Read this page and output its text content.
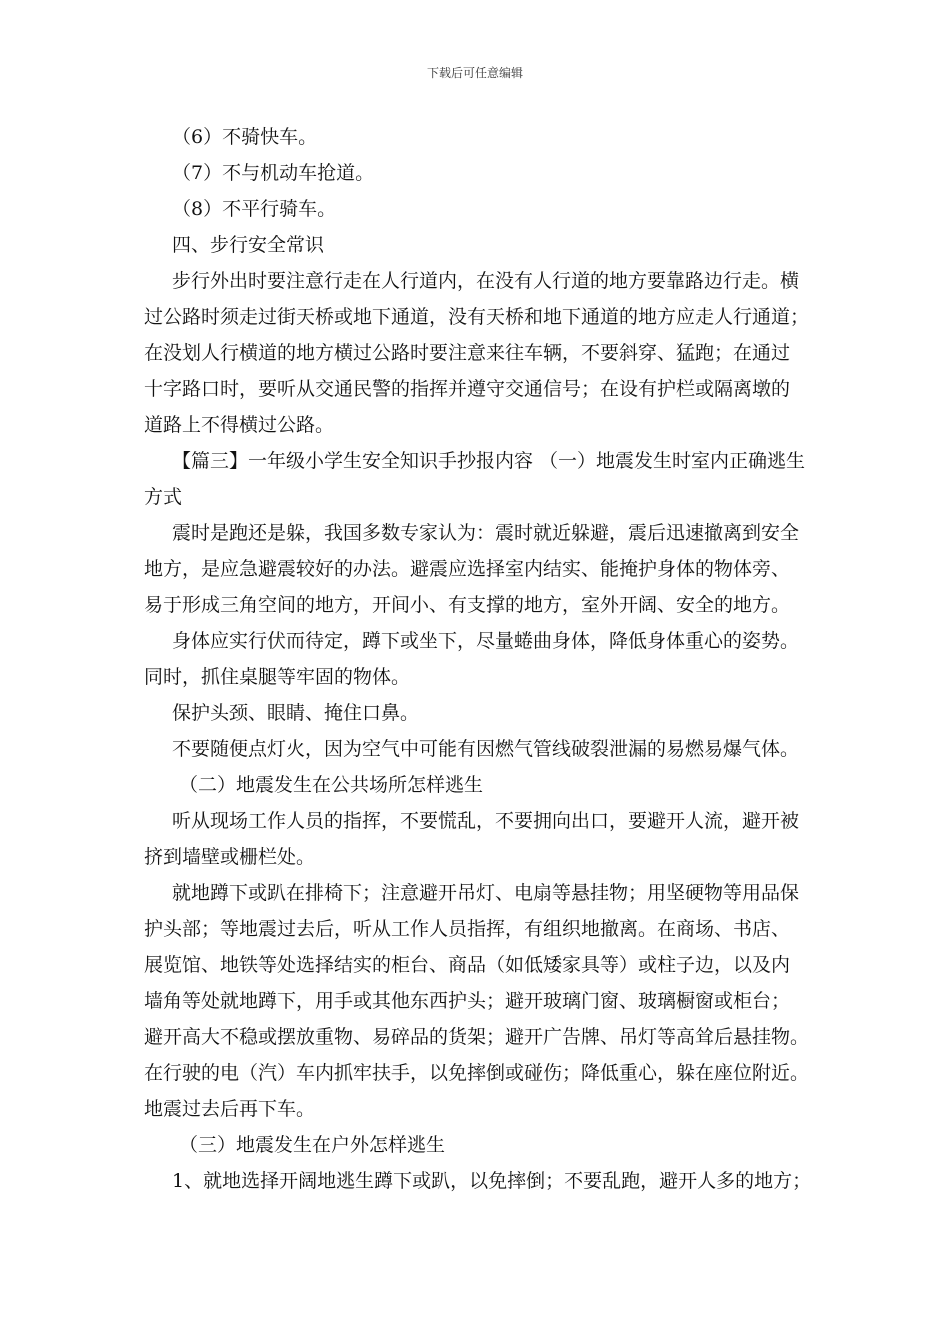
下载后可任意编辑
（6）不骑快车。
（7）不与机动车抢道。
（8）不平行骑车。
四、步行安全常识
步行外出时要注意行走在人行道内，在没有人行道的地方要靠路边行走。横
过公路时须走过街天桥或地下通道，没有天桥和地下通道的地方应走人行通道；
在没划人行横道的地方横过公路时要注意来往车辆，不要斜穿、猛跑；在通过
十字路口时，要听从交通民警的指挥并遵守交通信号；在设有护栏或隔离墩的
道路上不得横过公路。
【篇三】一年级小学生安全知识手抄报内容 （一）地震发生时室内正确逃生
方式
震时是跑还是躲，我国多数专家认为：震时就近躲避，震后迅速撤离到安全
地方，是应急避震较好的办法。避震应选择室内结实、能掩护身体的物体旁、
易于形成三角空间的地方，开间小、有支撑的地方，室外开阔、安全的地方。
身体应实行伏而待定，蹲下或坐下，尽量蜷曲身体，降低身体重心的姿势。
同时，抓住桌腿等牢固的物体。
保护头颈、眼睛、掩住口鼻。
不要随便点灯火，因为空气中可能有因燃气管线破裂泄漏的易燃易爆气体。
（二）地震发生在公共场所怎样逃生
听从现场工作人员的指挥，不要慌乱，不要拥向出口，要避开人流，避开被
挤到墙壁或栅栏处。
就地蹲下或趴在排椅下；注意避开吊灯、电扇等悬挂物；用坚硬物等用品保
护头部；等地震过去后，听从工作人员指挥，有组织地撤离。在商场、书店、
展览馆、地铁等处选择结实的柜台、商品（如低矮家具等）或柱子边，以及内
墙角等处就地蹲下，用手或其他东西护头；避开玻璃门窗、玻璃橱窗或柜台；
避开高大不稳或摆放重物、易碎品的货架；避开广告牌、吊灯等高耸后悬挂物。
在行驶的电（汽）车内抓牢扶手，以免摔倒或碰伤；降低重心，躲在座位附近。
地震过去后再下车。
（三）地震发生在户外怎样逃生
1、就地选择开阔地逃生蹲下或趴，以免摔倒；不要乱跑，避开人多的地方；
